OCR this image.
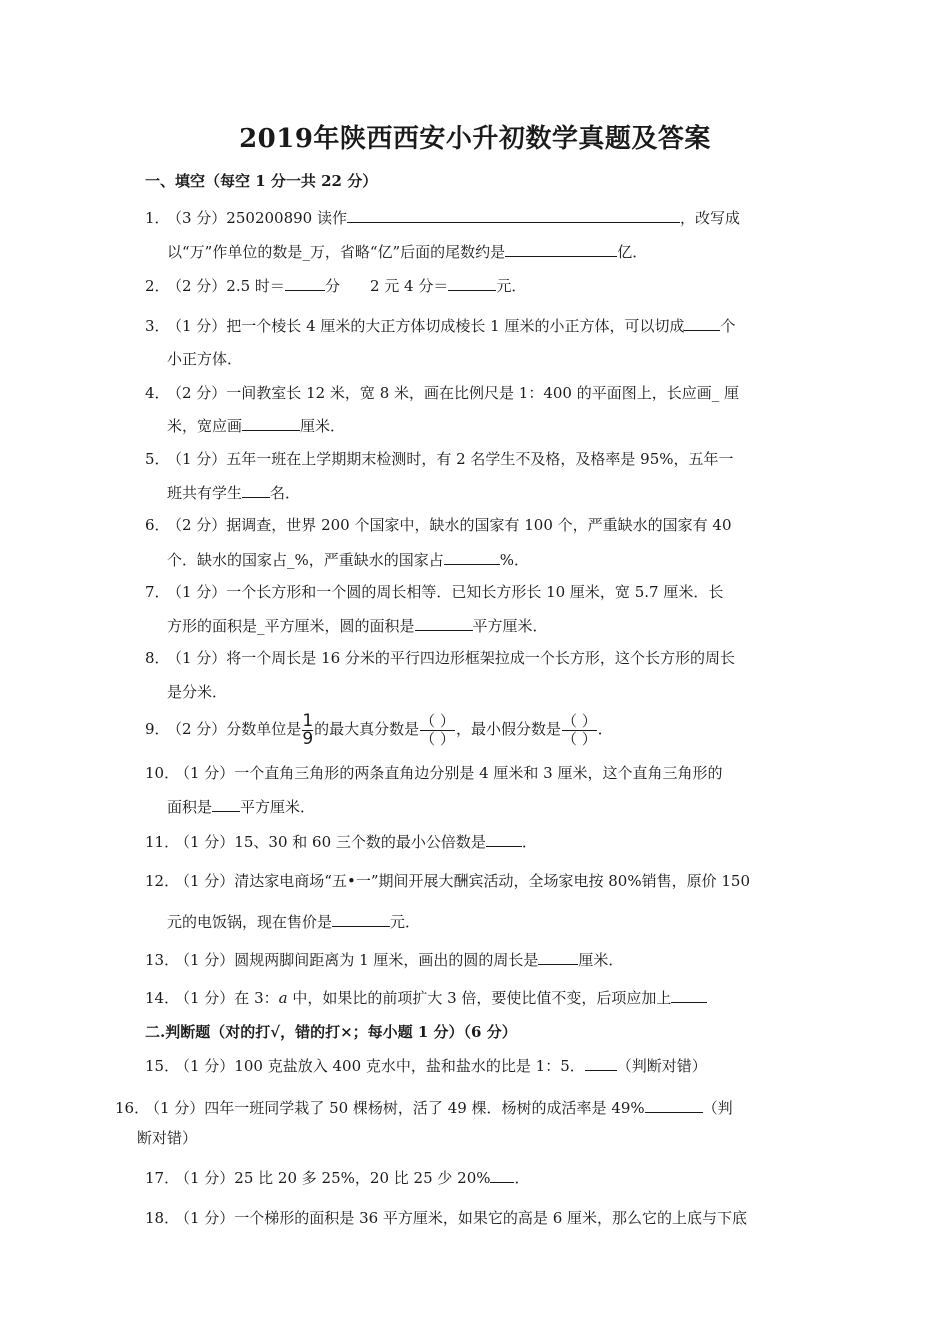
2019年陕西西安小升初数学真题及答案
一、填空（每空 1 分一共 22 分）
1．（3 分）250200890 读作	，改写成
以“万”作单位的数是_万，省略“亿”后面的尾数约是	亿．
2．（2 分）2.5 时＝	分　　2 元 4 分＝	元．
3．（1 分）把一个棱长 4 厘米的大正方体切成棱长 1 厘米的小正方体，可以切成 个
小正方体．
4．（2 分）一间教室长 12 米，宽 8 米，画在比例尺是 1：400 的平面图上，长应画_ 厘
米，宽应画	厘米．
5．（1 分）五年一班在上学期期末检测时，有 2 名学生不及格，及格率是 95%，五年一
班共有学生 名．
6．（2 分）据调查，世界 200 个国家中，缺水的国家有 100 个，严重缺水的国家有 40
个．缺水的国家占_%，严重缺水的国家占	%．
7．（1 分）一个长方形和一个圆的周长相等．已知长方形长 10 厘米，宽 5.7 厘米．长
方形的面积是_平方厘米，圆的面积是	平方厘米．
8．（1 分）将一个周长是 16 分米的平行四边形框架拉成一个长方形，这个长方形的周长
是分米．
9．（2 分）分数单位是 $\frac{1}{9}$ 的最大真分数是 $\frac{( )}{( )}$ ，最小假分数是 $\frac{( )}{( )}$ ．
10．（1 分）一个直角三角形的两条直角边分别是 4 厘米和 3 厘米，这个直角三角形的
面积是 平方厘米．
11．（1 分）15、30 和 60 三个数的最小公倍数是 ．
12．（1 分）清达家电商场“五•一”期间开展大酬宾活动，全场家电按 80%销售，原价 150
元的电饭锅，现在售价是	元．
13．（1 分）圆规两脚间距离为 1 厘米，画出的圆的周长是	厘米．
14．（1 分）在 3：a 中，如果比的前项扩大 3 倍，要使比值不变，后项应加上
二.判断题（对的打√，错的打×；每小题 1 分）（6 分）
15．（1 分）100 克盐放入 400 克水中，盐和盐水的比是 1：5． （判断对错）
16．（1 分）四年一班同学栽了 50 棵杨树，活了 49 棵．杨树的成活率是 49%	（判
断对错）
17．（1 分）25 比 20 多 25%，20 比 25 少 20% ．
18．（1 分）一个梯形的面积是 36 平方厘米，如果它的高是 6 厘米，那么它的上底与下底
